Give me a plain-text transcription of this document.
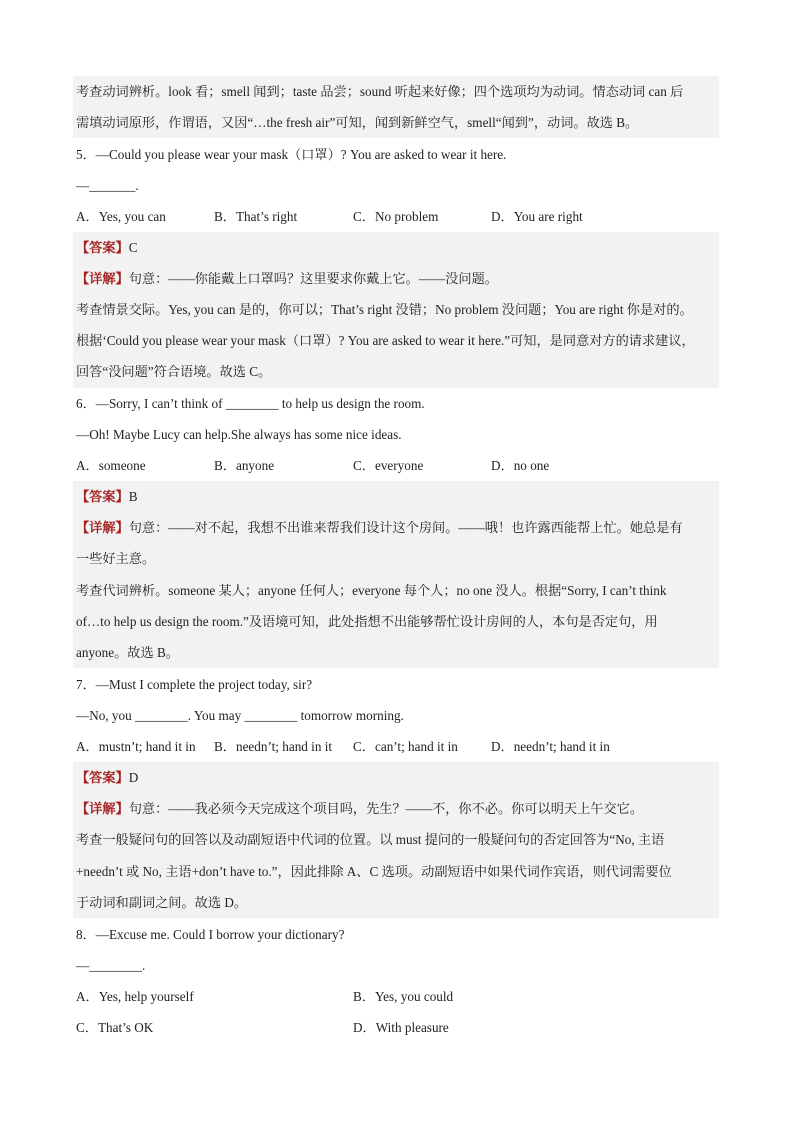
考查动词辨析。look 看；smell 闻到；taste 品尝；sound 听起来好像；四个选项均为动词。情态动词 can 后
需填动词原形，作谓语，又因“…the fresh air”可知，闻到新鲜空气，smell“闻到”，动词。故选 B。
5．—Could you please wear your mask（口罩）? You are asked to wear it here.
—_______.
A．Yes, you can	B．That’s right	C．No problem	D．You are right
【答案】C
【详解】句意：——你能戴上口罩吗？这里要求你戴上它。——没问题。
考查情景交际。Yes, you can 是的，你可以；That’s right 没错；No problem 没问题；You are right 你是对的。
根据‘Could you please wear your mask（口罩）? You are asked to wear it here.”可知，是同意对方的请求建议，
回答“没问题”符合语境。故选 C。
6．—Sorry, I can’t think of ________ to help us design the room.
—Oh! Maybe Lucy can help.She always has some nice ideas.
A．someone	B．anyone	C．everyone	D．no one
【答案】B
【详解】句意：——对不起，我想不出谁来帮我们设计这个房间。——哦！也许露西能帮上忙。她总是有
一些好主意。
考查代词辨析。someone 某人；anyone 任何人；everyone 每个人；no one 没人。根据“Sorry, I can’t think
of…to help us design the room.”及语境可知，此处指想不出能够帮忙设计房间的人，本句是否定句，用
anyone。故选 B。
7．—Must I complete the project today, sir?
—No, you ________. You may ________ tomorrow morning.
A．mustn’t; hand it in B．needn’t; hand in it C．can’t; hand it in	D．needn’t; hand it in
【答案】D
【详解】句意：——我必须今天完成这个项目吗，先生？——不，你不必。你可以明天上午交它。
考查一般疑问句的回答以及动副短语中代词的位置。以 must 提问的一般疑问句的否定回答为“No, 主语
+needn’t 或 No, 主语+don’t have to.”，因此排除 A、C 选项。动副短语中如果代词作宾语，则代词需要位
于动词和副词之间。故选 D。
8．—Excuse me. Could I borrow your dictionary?
—________.
A．Yes, help yourself	B．Yes, you could
C．That’s OK	D．With pleasure
